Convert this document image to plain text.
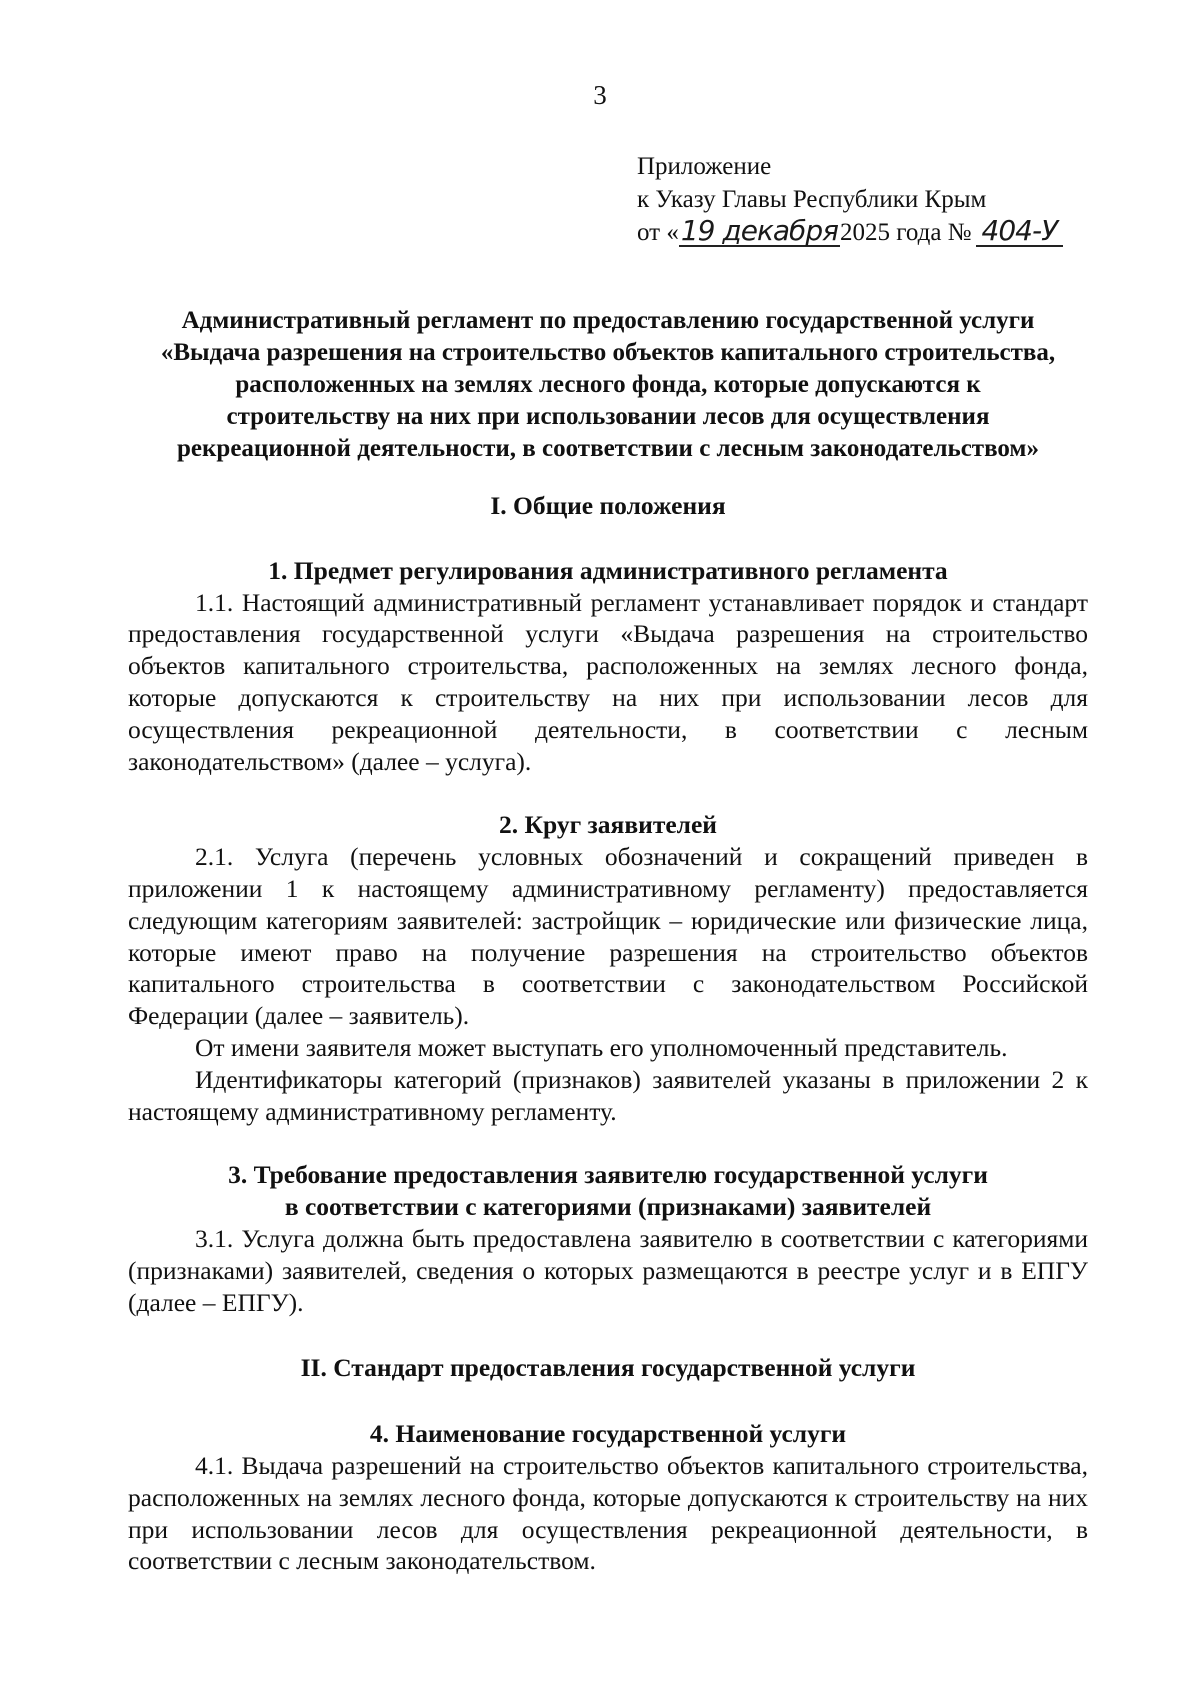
3
Приложение
к Указу Главы Республики Крым
от «19 декабря2025 года № 404-У
Административный регламент по предоставлению государственной услуги
«Выдача разрешения на строительство объектов капитального строительства,
расположенных на землях лесного фонда, которые допускаются к
строительству на них при использовании лесов для осуществления
рекреационной деятельности, в соответствии с лесным законодательством»
I. Общие положения
1. Предмет регулирования административного регламента

1.1. Настоящий административный регламент устанавливает порядок и стандарт предоставления государственной услуги «Выдача разрешения на строительство объектов капитального строительства, расположенных на землях лесного фонда, которые допускаются к строительству на них при использовании лесов для осуществления рекреационной деятельности, в соответствии с лесным законодательством» (далее – услуга).

2. Круг заявителей

2.1. Услуга (перечень условных обозначений и сокращений приведен в приложении 1 к настоящему административному регламенту) предоставляется следующим категориям заявителей: застройщик – юридические или физические лица, которые имеют право на получение разрешения на строительство объектов капитального строительства в соответствии с законодательством Российской Федерации (далее – заявитель).

От имени заявителя может выступать его уполномоченный представитель.

Идентификаторы категорий (признаков) заявителей указаны в приложении 2 к настоящему административному регламенту.

3. Требование предоставления заявителю государственной услуги
в соответствии с категориями (признаками) заявителей

3.1. Услуга должна быть предоставлена заявителю в соответствии с категориями (признаками) заявителей, сведения о которых размещаются в реестре услуг и в ЕПГУ (далее – ЕПГУ).

II. Стандарт предоставления государственной услуги
4. Наименование государственной услуги

4.1. Выдача разрешений на строительство объектов капитального строительства, расположенных на землях лесного фонда, которые допускаются к строительству на них при использовании лесов для осуществления рекреационной деятельности, в соответствии с лесным законодательством.
